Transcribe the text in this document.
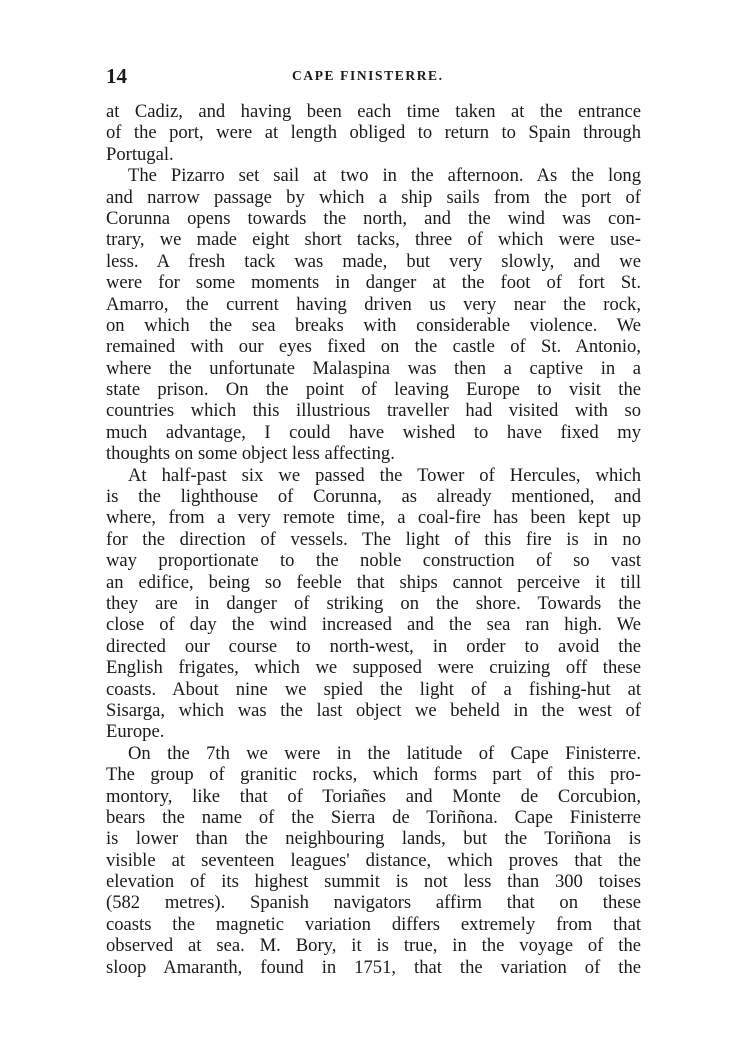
14	CAPE FINISTERRE.
at Cadiz, and having been each time taken at the entrance
of the port, were at length obliged to return to Spain through
Portugal.
The Pizarro set sail at two in the afternoon. As the long
and narrow passage by which a ship sails from the port of
Corunna opens towards the north, and the wind was con-
trary, we made eight short tacks, three of which were use-
less. A fresh tack was made, but very slowly, and we
were for some moments in danger at the foot of fort St.
Amarro, the current having driven us very near the rock,
on which the sea breaks with considerable violence. We
remained with our eyes fixed on the castle of St. Antonio,
where the unfortunate Malaspina was then a captive in a
state prison. On the point of leaving Europe to visit the
countries which this illustrious traveller had visited with so
much advantage, I could have wished to have fixed my
thoughts on some object less affecting.
At half-past six we passed the Tower of Hercules, which
is the lighthouse of Corunna, as already mentioned, and
where, from a very remote time, a coal-fire has been kept up
for the direction of vessels. The light of this fire is in no
way proportionate to the noble construction of so vast
an edifice, being so feeble that ships cannot perceive it till
they are in danger of striking on the shore. Towards the
close of day the wind increased and the sea ran high. We
directed our course to north-west, in order to avoid the
English frigates, which we supposed were cruizing off these
coasts. About nine we spied the light of a fishing-hut at
Sisarga, which was the last object we beheld in the west of
Europe.
On the 7th we were in the latitude of Cape Finisterre.
The group of granitic rocks, which forms part of this pro-
montory, like that of Toriañes and Monte de Corcubion,
bears the name of the Sierra de Toriñona. Cape Finisterre
is lower than the neighbouring lands, but the Toriñona is
visible at seventeen leagues' distance, which proves that the
elevation of its highest summit is not less than 300 toises
(582 metres). Spanish navigators affirm that on these
coasts the magnetic variation differs extremely from that
observed at sea. M. Bory, it is true, in the voyage of the
sloop Amaranth, found in 1751, that the variation of the
